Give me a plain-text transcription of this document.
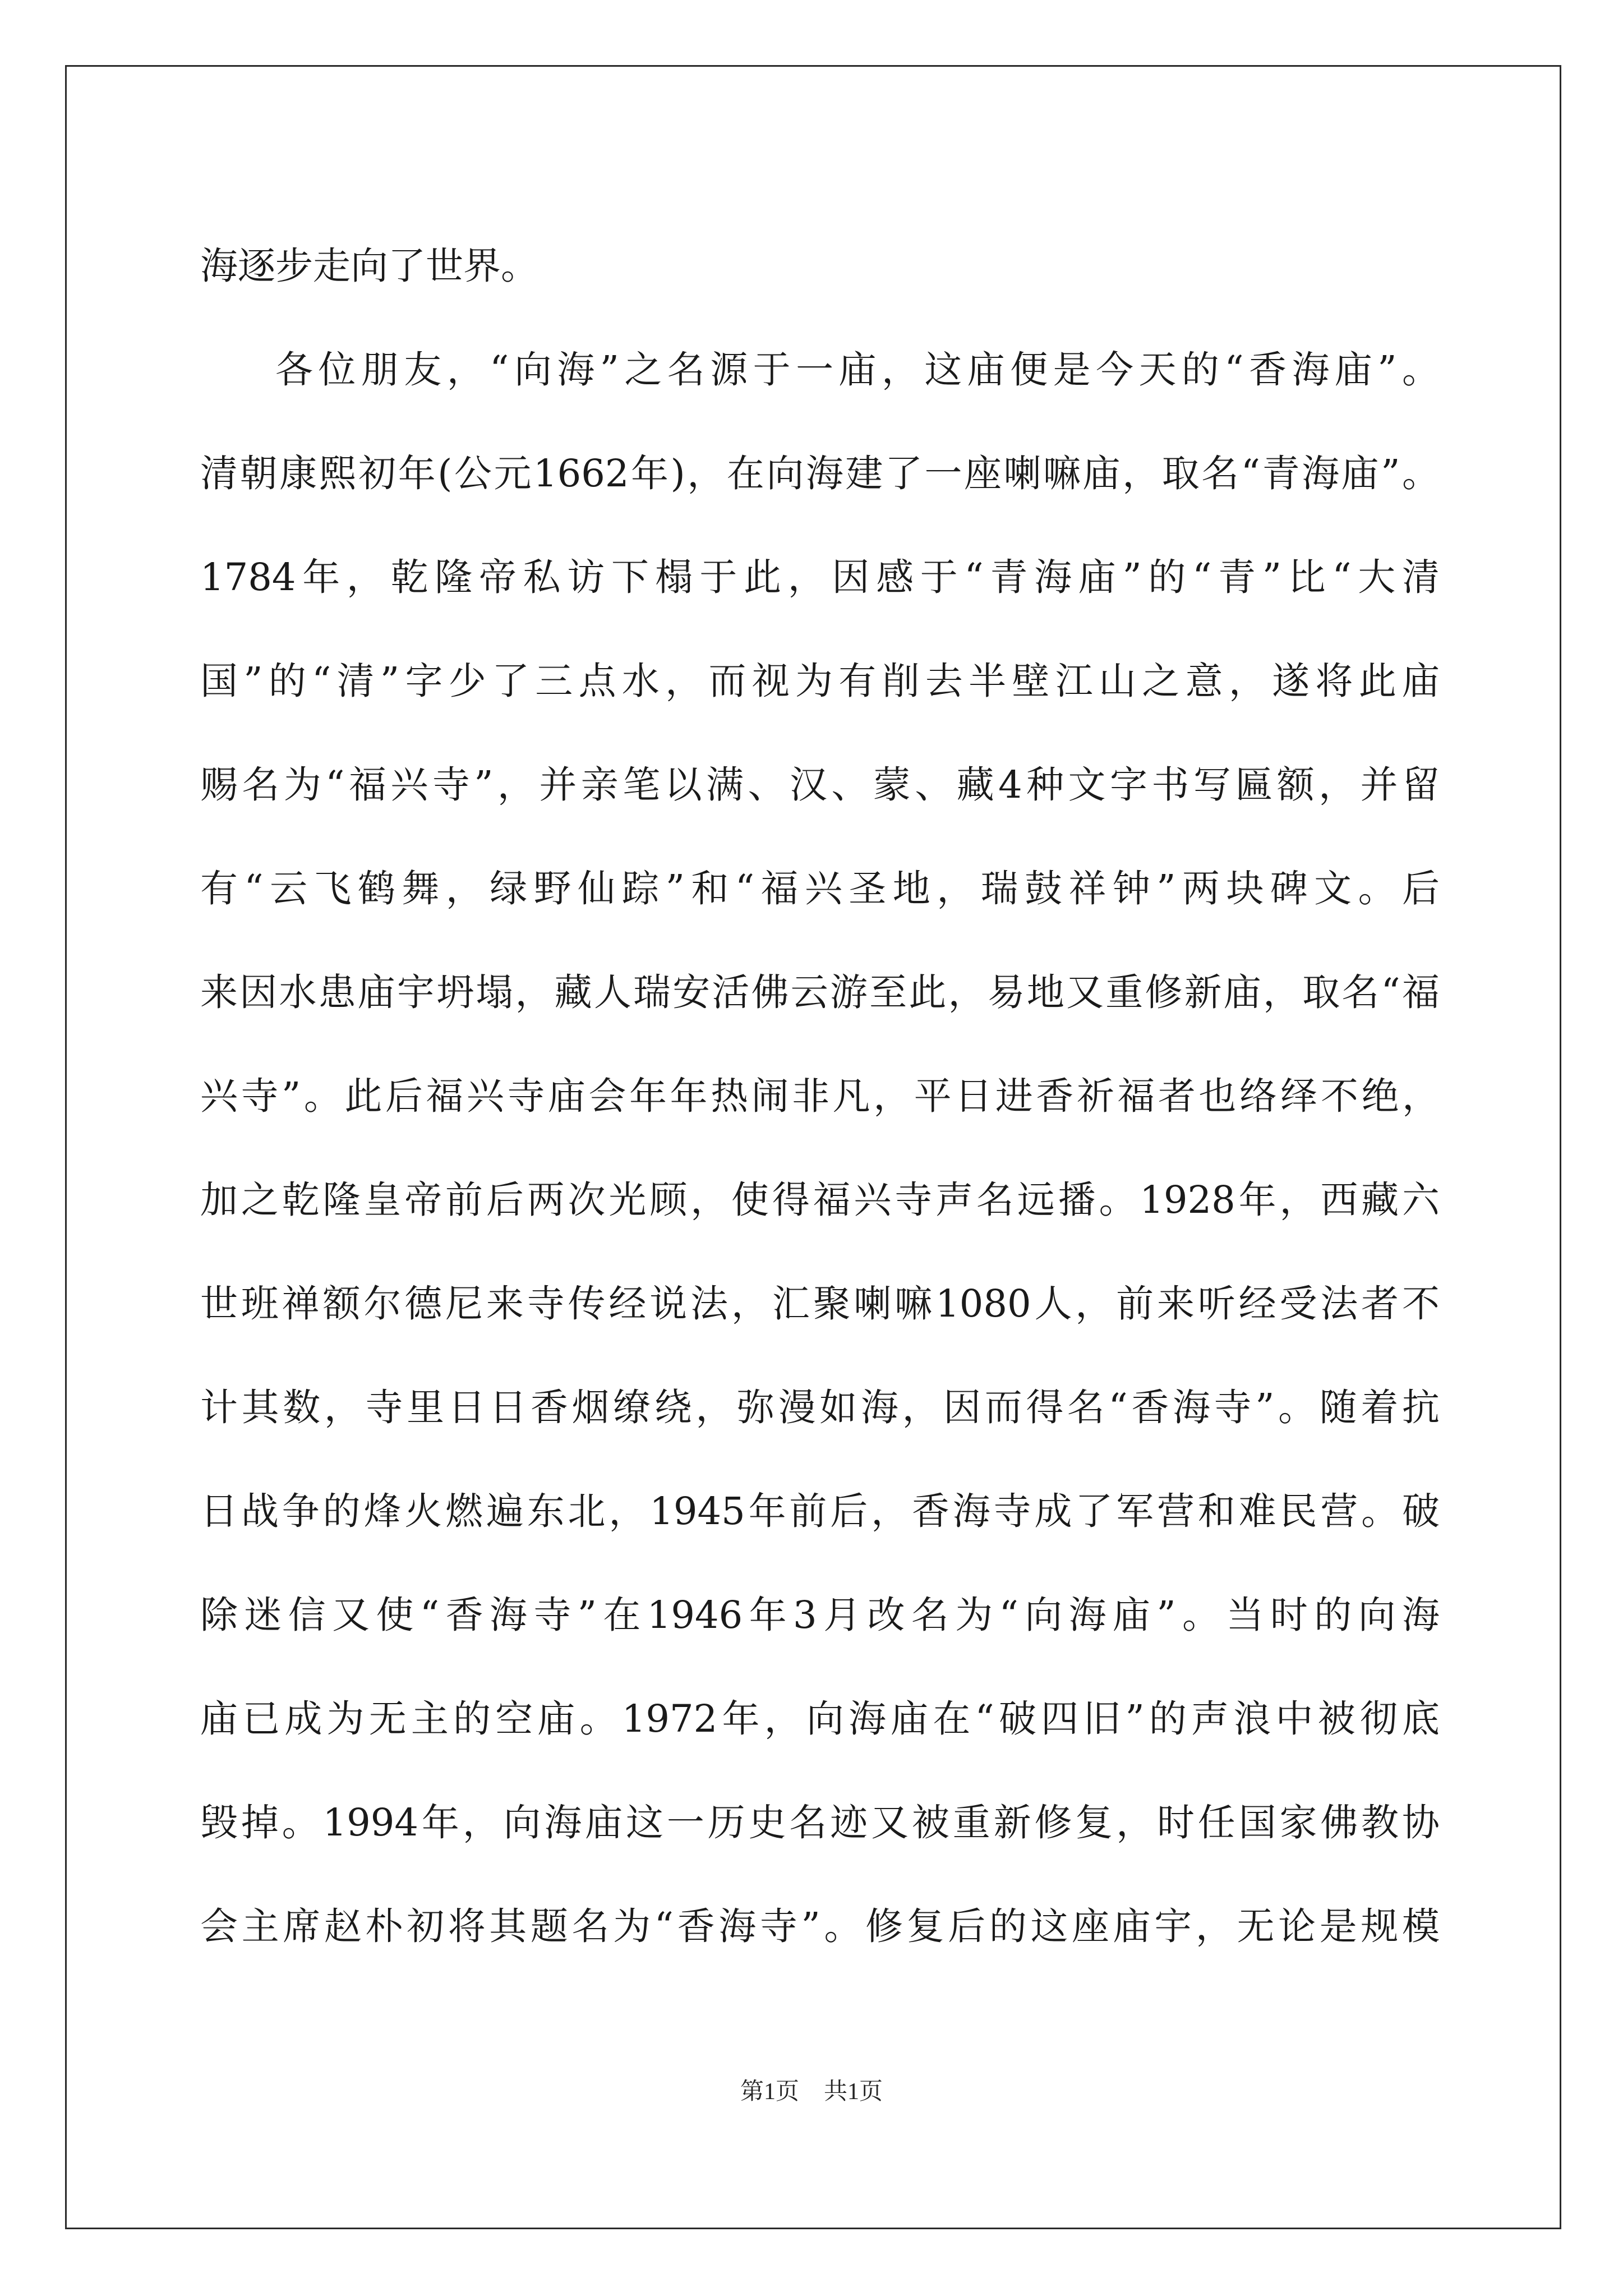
海逐步走向了世界。
各位朋友，“向海”之名源于一庙，这庙便是今天的“香海庙”。
清朝康熙初年(公元1662年)，在向海建了一座喇嘛庙，取名“青海庙”。
1784年，乾隆帝私访下榻于此，因感于“青海庙”的“青”比“大清
国”的“清”字少了三点水，而视为有削去半壁江山之意，遂将此庙
赐名为“福兴寺”，并亲笔以满、汉、蒙、藏4种文字书写匾额，并留
有“云飞鹤舞，绿野仙踪”和“福兴圣地，瑞鼓祥钟”两块碑文。后
来因水患庙宇坍塌，藏人瑞安活佛云游至此，易地又重修新庙，取名“福
兴寺”。此后福兴寺庙会年年热闹非凡，平日进香祈福者也络绎不绝，
加之乾隆皇帝前后两次光顾，使得福兴寺声名远播。1928年，西藏六
世班禅额尔德尼来寺传经说法，汇聚喇嘛1080人，前来听经受法者不
计其数，寺里日日香烟缭绕，弥漫如海，因而得名“香海寺”。随着抗
日战争的烽火燃遍东北，1945年前后，香海寺成了军营和难民营。破
除迷信又使“香海寺”在1946年3月改名为“向海庙”。当时的向海
庙已成为无主的空庙。1972年，向海庙在“破四旧”的声浪中被彻底
毁掉。1994年，向海庙这一历史名迹又被重新修复，时任国家佛教协
会主席赵朴初将其题名为“香海寺”。修复后的这座庙宇，无论是规模
第1页 共1页
